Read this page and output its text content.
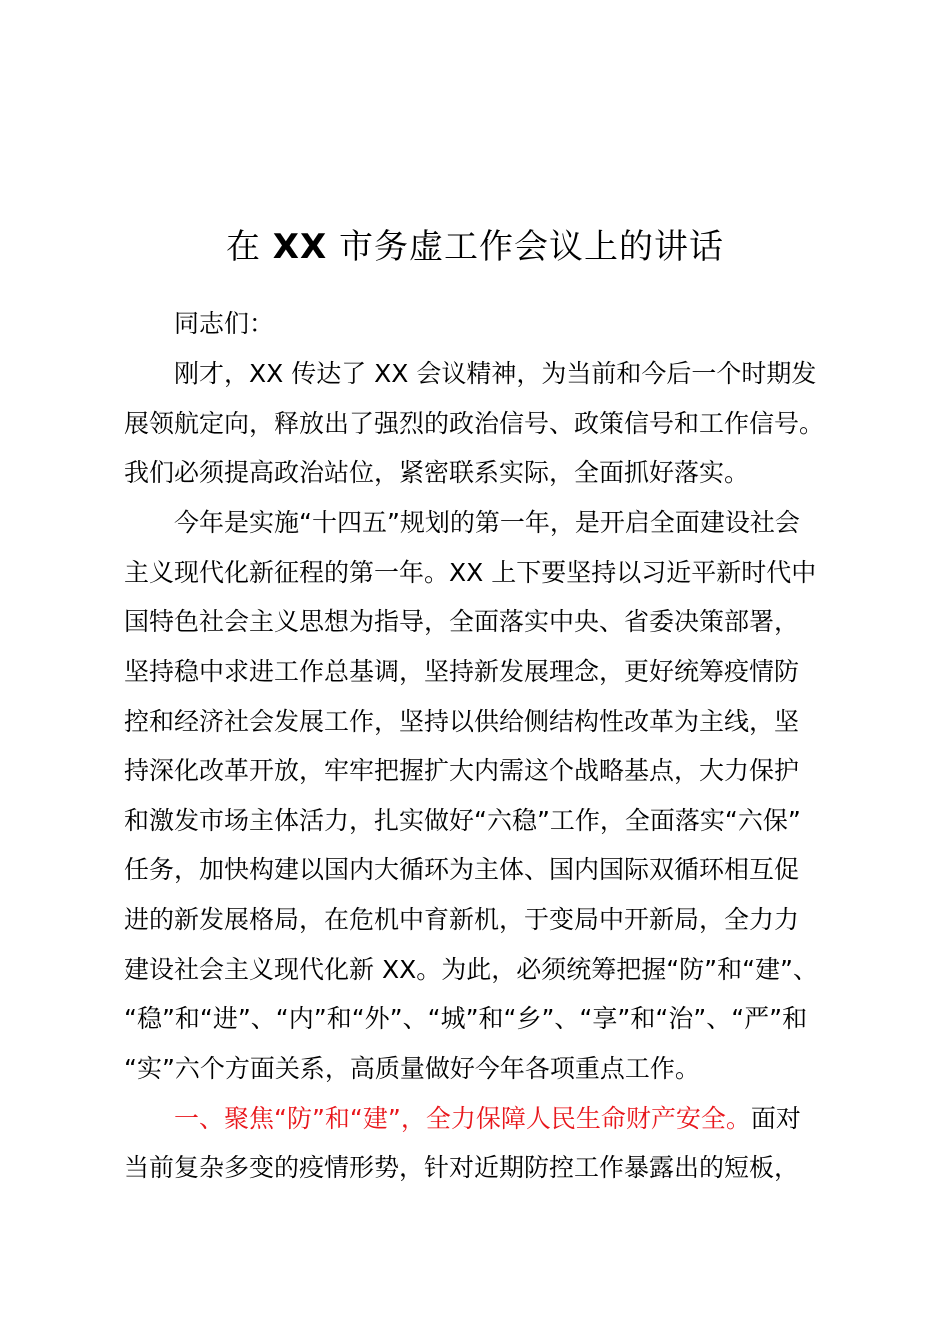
在 XX 市务虚工作会议上的讲话
　　同志们：
　　刚才，XX 传达了 XX 会议精神，为当前和今后一个时期发
展领航定向，释放出了强烈的政治信号、政策信号和工作信号。
我们必须提高政治站位，紧密联系实际，全面抓好落实。
　　今年是实施“十四五”规划的第一年，是开启全面建设社会
主义现代化新征程的第一年。XX 上下要坚持以习近平新时代中
国特色社会主义思想为指导，全面落实中央、省委决策部署，
坚持稳中求进工作总基调，坚持新发展理念，更好统筹疫情防
控和经济社会发展工作，坚持以供给侧结构性改革为主线，坚
持深化改革开放，牢牢把握扩大内需这个战略基点，大力保护
和激发市场主体活力，扎实做好“六稳”工作，全面落实“六保”
任务，加快构建以国内大循环为主体、国内国际双循环相互促
进的新发展格局，在危机中育新机，于变局中开新局，全力力
建设社会主义现代化新 XX。为此，必须统筹把握“防”和“建”、
“稳”和“进”、“内”和“外”、“城”和“乡”、“享”和“治”、“严”和
“实”六个方面关系，高质量做好今年各项重点工作。
　　一、聚焦“防”和“建”，全力保障人民生命财产安全。面对
当前复杂多变的疫情形势，针对近期防控工作暴露出的短板，
